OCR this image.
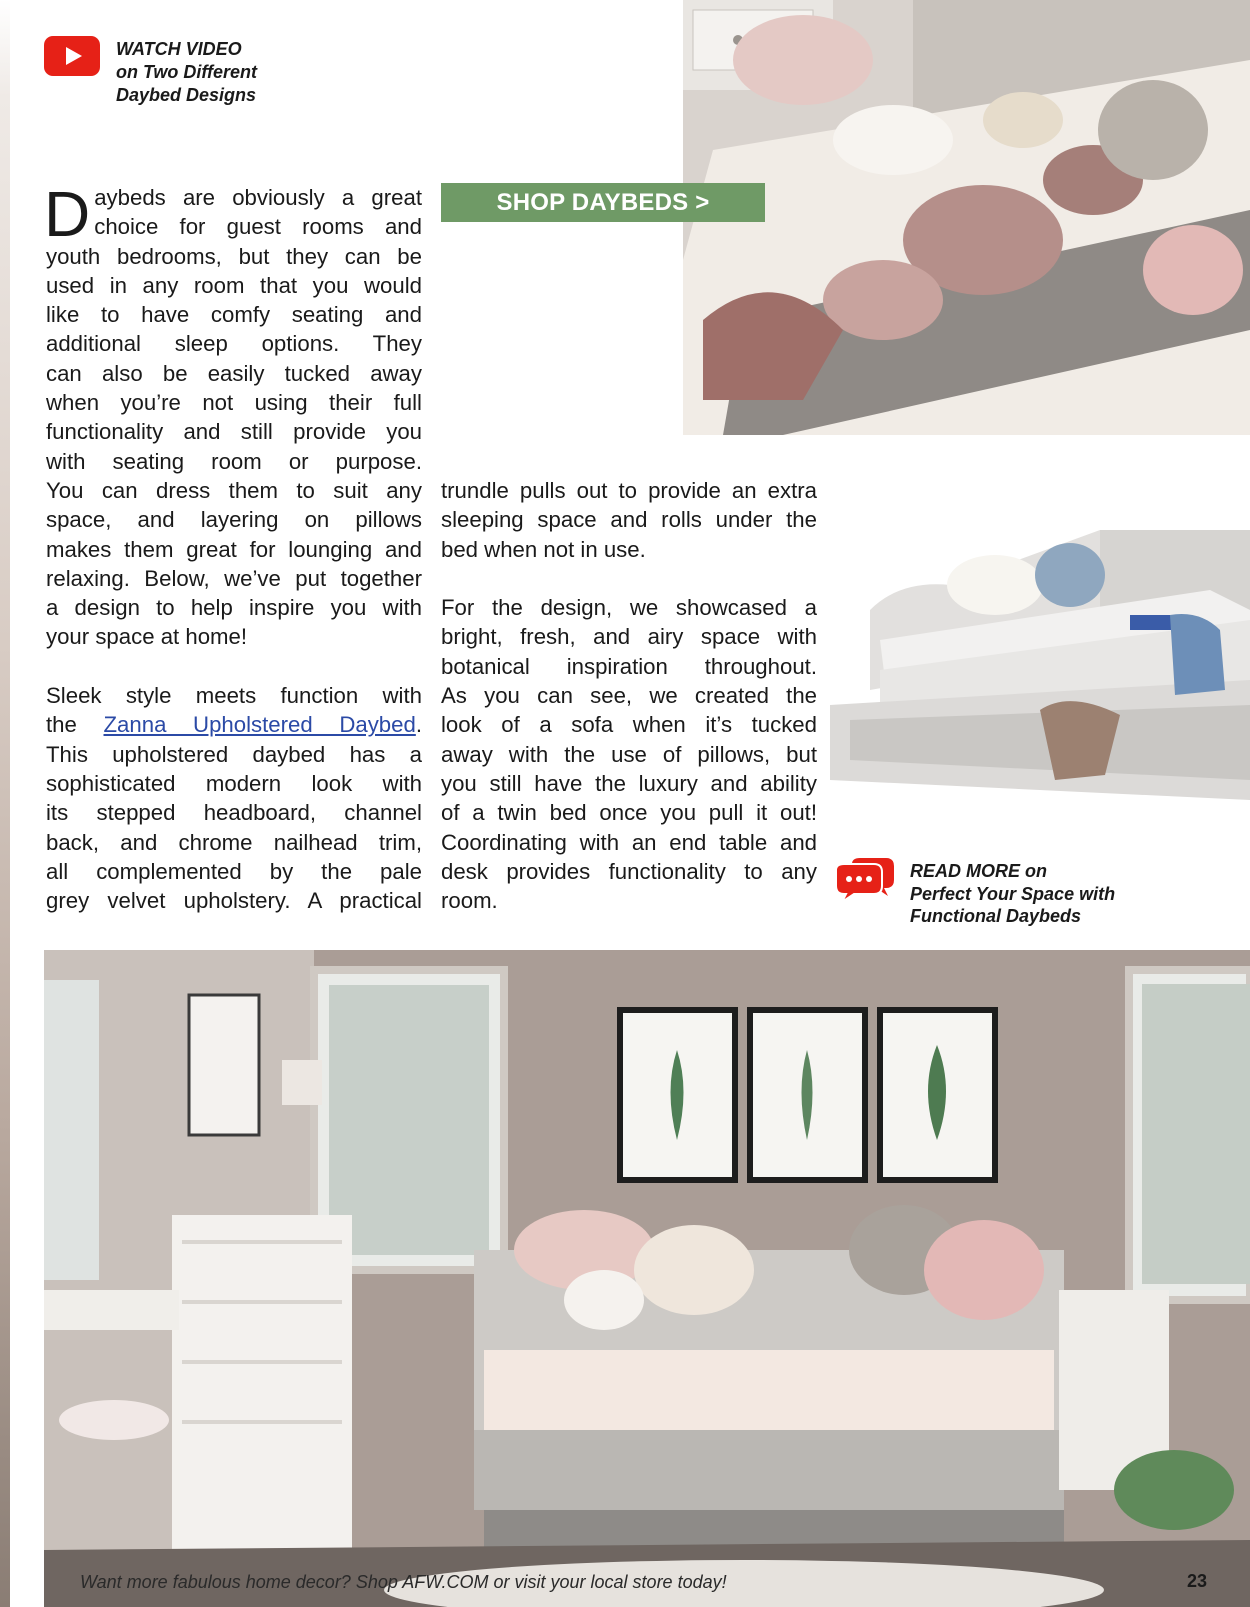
WATCH VIDEO
on Two Different
Daybed Designs
SHOP DAYBEDS >
D aybeds are obviously a great
choice for guest rooms and
youth bedrooms, but they can be
used in any room that you would
like to have comfy seating and
additional sleep options. They
can also be easily tucked away
when you’re not using their full
functionality and still provide you
with seating room or purpose.
You can dress them to suit any
space, and layering on pillows
makes them great for lounging and
relaxing. Below, we’ve put together
a design to help inspire you with
your space at home!
Sleek style meets function with
the Zanna Upholstered Daybed.
This upholstered daybed has a
sophisticated modern look with
its stepped headboard, channel
back, and chrome nailhead trim,
all complemented by the pale
grey velvet upholstery. A practical
trundle pulls out to provide an extra
sleeping space and rolls under the
bed when not in use.
For the design, we showcased a
bright, fresh, and airy space with
botanical inspiration throughout.
As you can see, we created the
look of a sofa when it’s tucked
away with the use of pillows, but
you still have the luxury and ability
of a twin bed once you pull it out!
Coordinating with an end table and
desk provides functionality to any
room.
READ MORE on
Perfect Your Space with
Functional Daybeds
Want more fabulous home decor? Shop AFW.COM or visit your local store today!	23
